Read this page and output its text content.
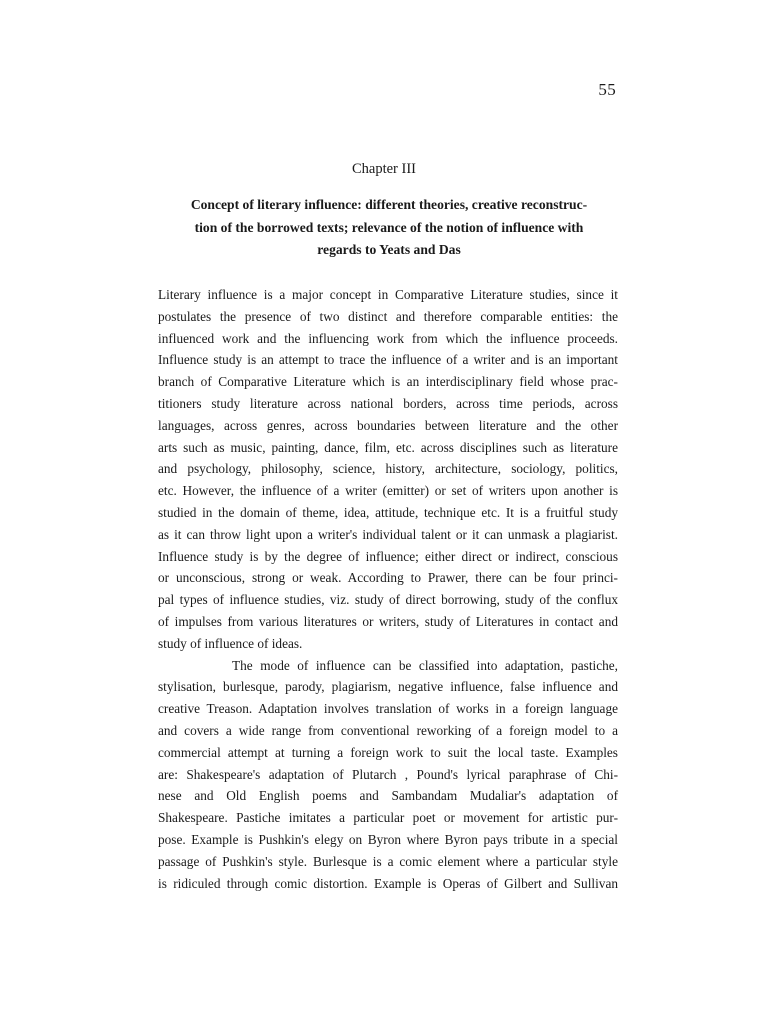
55
Chapter III
Concept of literary influence: different theories, creative reconstruc-
tion of the borrowed texts; relevance of the notion of influence with
regards to Yeats and Das
Literary influence is a major concept in Comparative Literature studies, since it
postulates the presence of two distinct and therefore comparable entities: the
influenced work and the influencing work from which the influence proceeds.
Influence study is an attempt to trace the influence of a writer and is an important
branch of Comparative Literature which is an interdisciplinary field whose prac-
titioners study literature across national borders, across time periods, across
languages, across genres, across boundaries between literature and the other
arts such as music, painting, dance, film, etc. across disciplines such as literature
and psychology, philosophy, science, history, architecture, sociology, politics,
etc. However, the influence of a writer (emitter) or set of writers upon another is
studied in the domain of theme, idea, attitude, technique etc. It is a fruitful study
as it can throw light upon a writer's individual talent or it can unmask a plagiarist.
Influence study is by the degree of influence; either direct or indirect, conscious
or unconscious, strong or weak. According to Prawer, there can be four princi-
pal types of influence studies, viz. study of direct borrowing, study of the conflux
of impulses from various literatures or writers, study of Literatures in contact and
study of influence of ideas.
The mode of influence can be classified into adaptation, pastiche,
stylisation, burlesque, parody, plagiarism, negative influence, false influence and
creative Treason. Adaptation involves translation of works in a foreign language
and covers a wide range from conventional reworking of a foreign model to a
commercial attempt at turning a foreign work to suit the local taste. Examples
are: Shakespeare's adaptation of Plutarch , Pound's lyrical paraphrase of Chi-
nese and Old English poems and Sambandam Mudaliar's adaptation of
Shakespeare. Pastiche imitates a particular poet or movement for artistic pur-
pose. Example is Pushkin's elegy on Byron where Byron pays tribute in a special
passage of Pushkin's style. Burlesque is a comic element where a particular style
is ridiculed through comic distortion. Example is Operas of Gilbert and Sullivan
